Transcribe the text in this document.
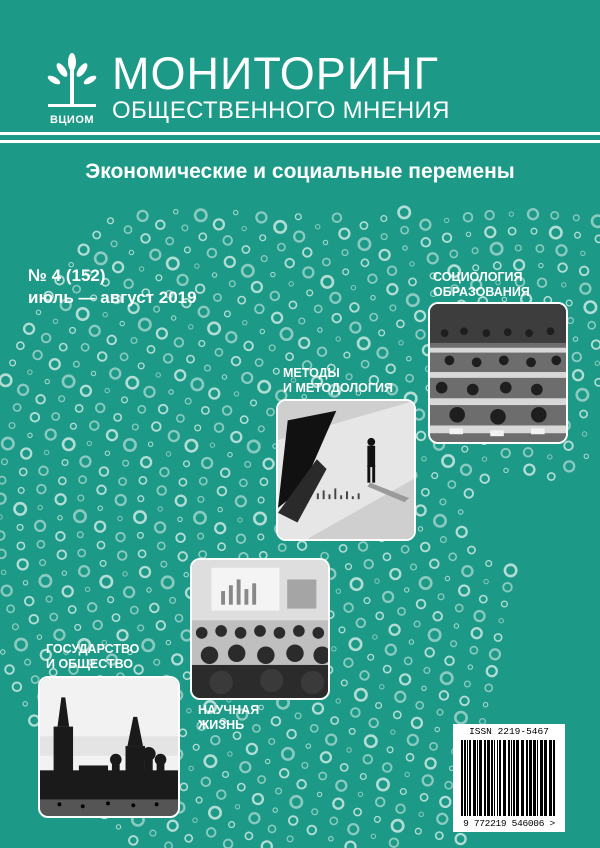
ВЦИОМ
МОНИТОРИНГ
ОБЩЕСТВЕННОГО МНЕНИЯ
Экономические и социальные перемены
№ 4 (152)
июль — август 2019
СОЦИОЛОГИЯ
ОБРАЗОВАНИЯ
МЕТОДЫ
И МЕТОДОЛОГИЯ
ГОСУДАРСТВО
И ОБЩЕСТВО
НАУЧНАЯ
ЖИЗНЬ	ISSN 2219-5467
9 772219 546006 >
